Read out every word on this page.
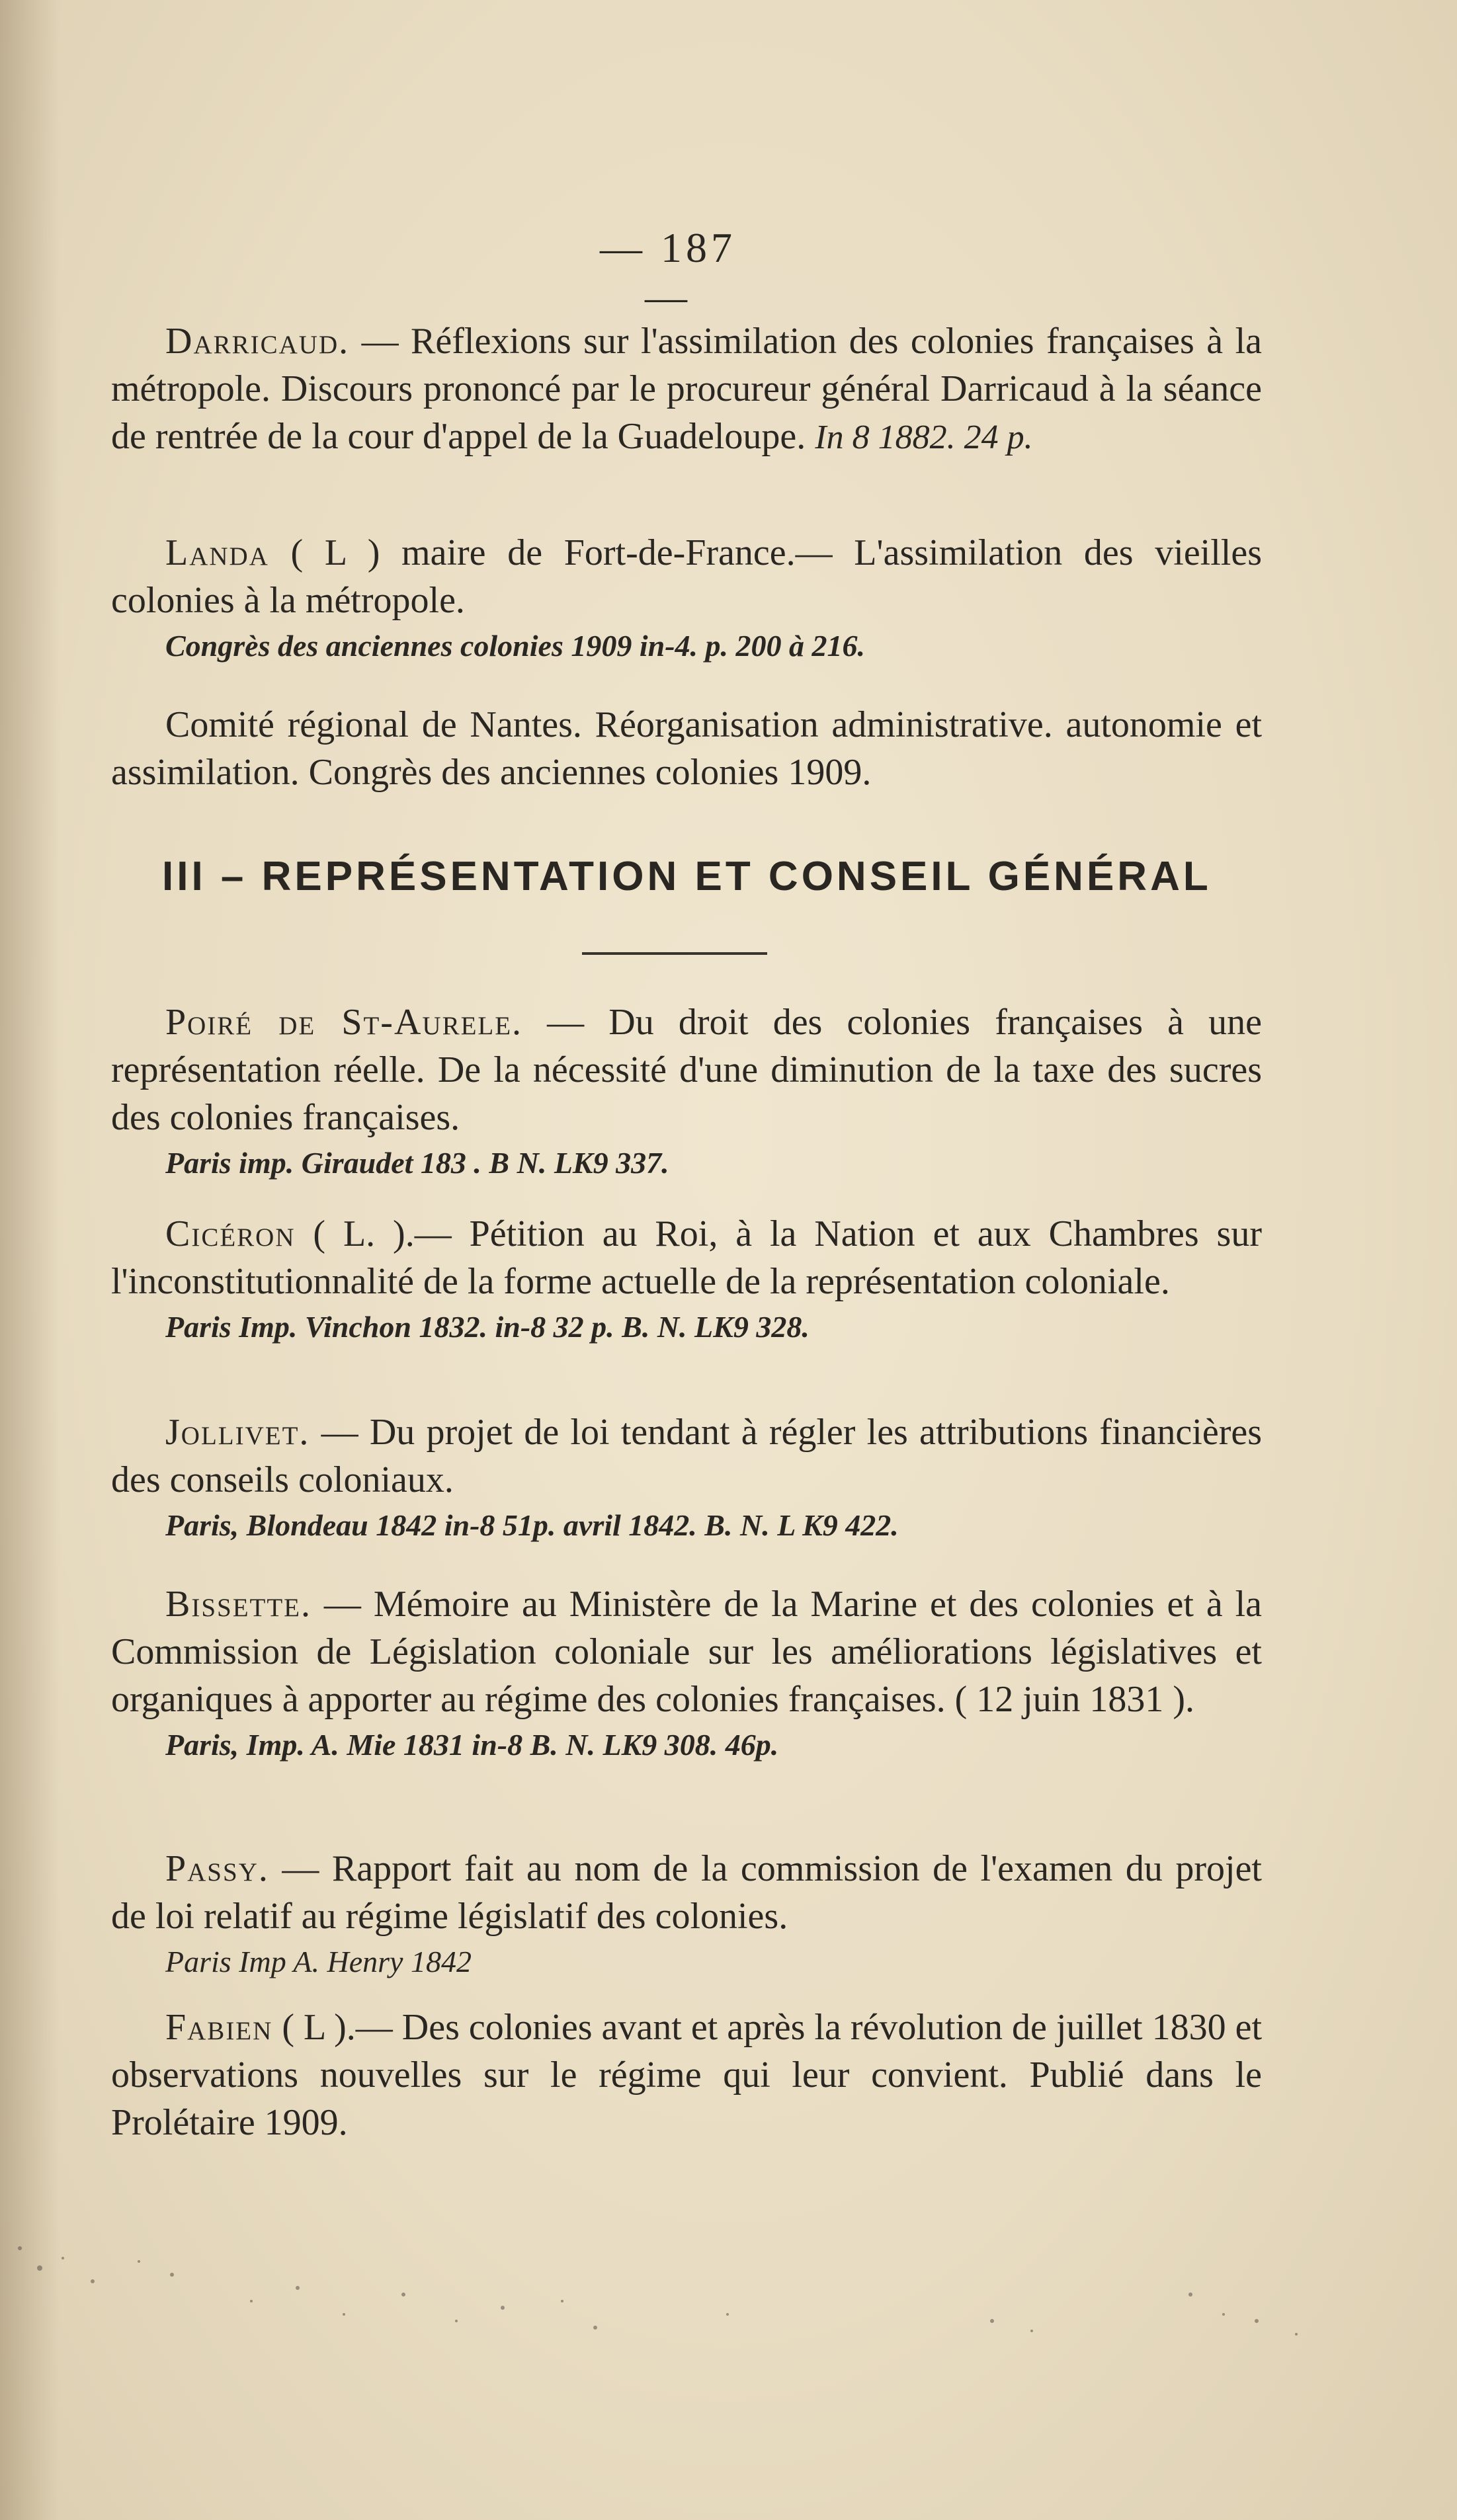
— 187 —

Darricaud. — Réflexions sur l'assimilation des colonies françaises à la métropole. Discours prononcé par le procureur général Darricaud à la séance de rentrée de la cour d'appel de la Guadeloupe. In 8 1882. 24 p.

Landa ( L ) maire de Fort-de-France.— L'assimilation des vieilles colonies à la métropole.

Congrès des anciennes colonies 1909 in-4. p. 200 à 216.

Comité régional de Nantes. Réorganisation administrative. autonomie et assimilation. Congrès des anciennes colonies 1909.

III – REPRÉSENTATION ET CONSEIL GÉNÉRAL

Poiré de St-Aurele. — Du droit des colonies françaises à une représentation réelle. De la nécessité d'une diminution de la taxe des sucres des colonies françaises.

Paris imp. Giraudet 183 . B N. LK9 337.

Cicéron ( L. ).— Pétition au Roi, à la Nation et aux Chambres sur l'inconstitutionnalité de la forme actuelle de la représentation coloniale.

Paris Imp. Vinchon 1832. in-8 32 p. B. N. LK9 328.

Jollivet. — Du projet de loi tendant à régler les attributions financières des conseils coloniaux.

Paris, Blondeau 1842 in-8 51p. avril 1842. B. N. L K9 422.

Bissette. — Mémoire au Ministère de la Marine et des colonies et à la Commission de Législation coloniale sur les améliorations législatives et organiques à apporter au régime des colonies françaises. ( 12 juin 1831 ).

Paris, Imp. A. Mie 1831 in-8 B. N. LK9 308. 46p.

Passy. — Rapport fait au nom de la commission de l'examen du projet de loi relatif au régime législatif des colonies.

Paris Imp A. Henry 1842

Fabien ( L ).— Des colonies avant et après la révolution de juillet 1830 et observations nouvelles sur le régime qui leur convient. Publié dans le Prolétaire 1909.
